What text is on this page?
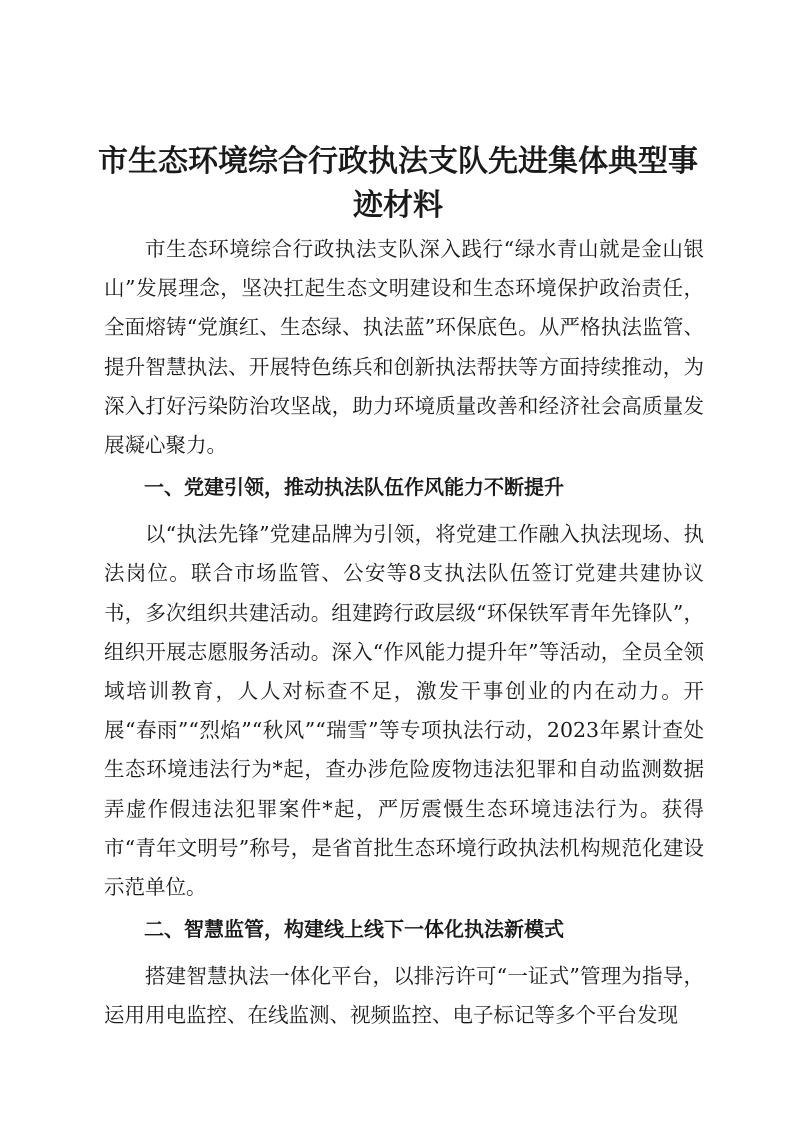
市生态环境综合行政执法支队先进集体典型事
迹材料

市生态环境综合行政执法支队深入践行“绿水青山就是金山银山”发展理念，坚决扛起生态文明建设和生态环境保护政治责任，全面熔铸“党旗红、生态绿、执法蓝”环保底色。从严格执法监管、提升智慧执法、开展特色练兵和创新执法帮扶等方面持续推动，为深入打好污染防治攻坚战，助力环境质量改善和经济社会高质量发展凝心聚力。

一、党建引领，推动执法队伍作风能力不断提升

以“执法先锋”党建品牌为引领，将党建工作融入执法现场、执法岗位。联合市场监管、公安等8支执法队伍签订党建共建协议书，多次组织共建活动。组建跨行政层级“环保铁军青年先锋队”，组织开展志愿服务活动。深入“作风能力提升年”等活动，全员全领域培训教育，人人对标查不足，激发干事创业的内在动力。开展“春雨”“烈焰”“秋风”“瑞雪”等专项执法行动，2023年累计查处生态环境违法行为*起，查办涉危险废物违法犯罪和自动监测数据弄虚作假违法犯罪案件*起，严厉震慑生态环境违法行为。获得市“青年文明号”称号，是省首批生态环境行政执法机构规范化建设示范单位。

二、智慧监管，构建线上线下一体化执法新模式

搭建智慧执法一体化平台，以排污许可“一证式”管理为指导，运用用电监控、在线监测、视频监控、电子标记等多个平台发现
